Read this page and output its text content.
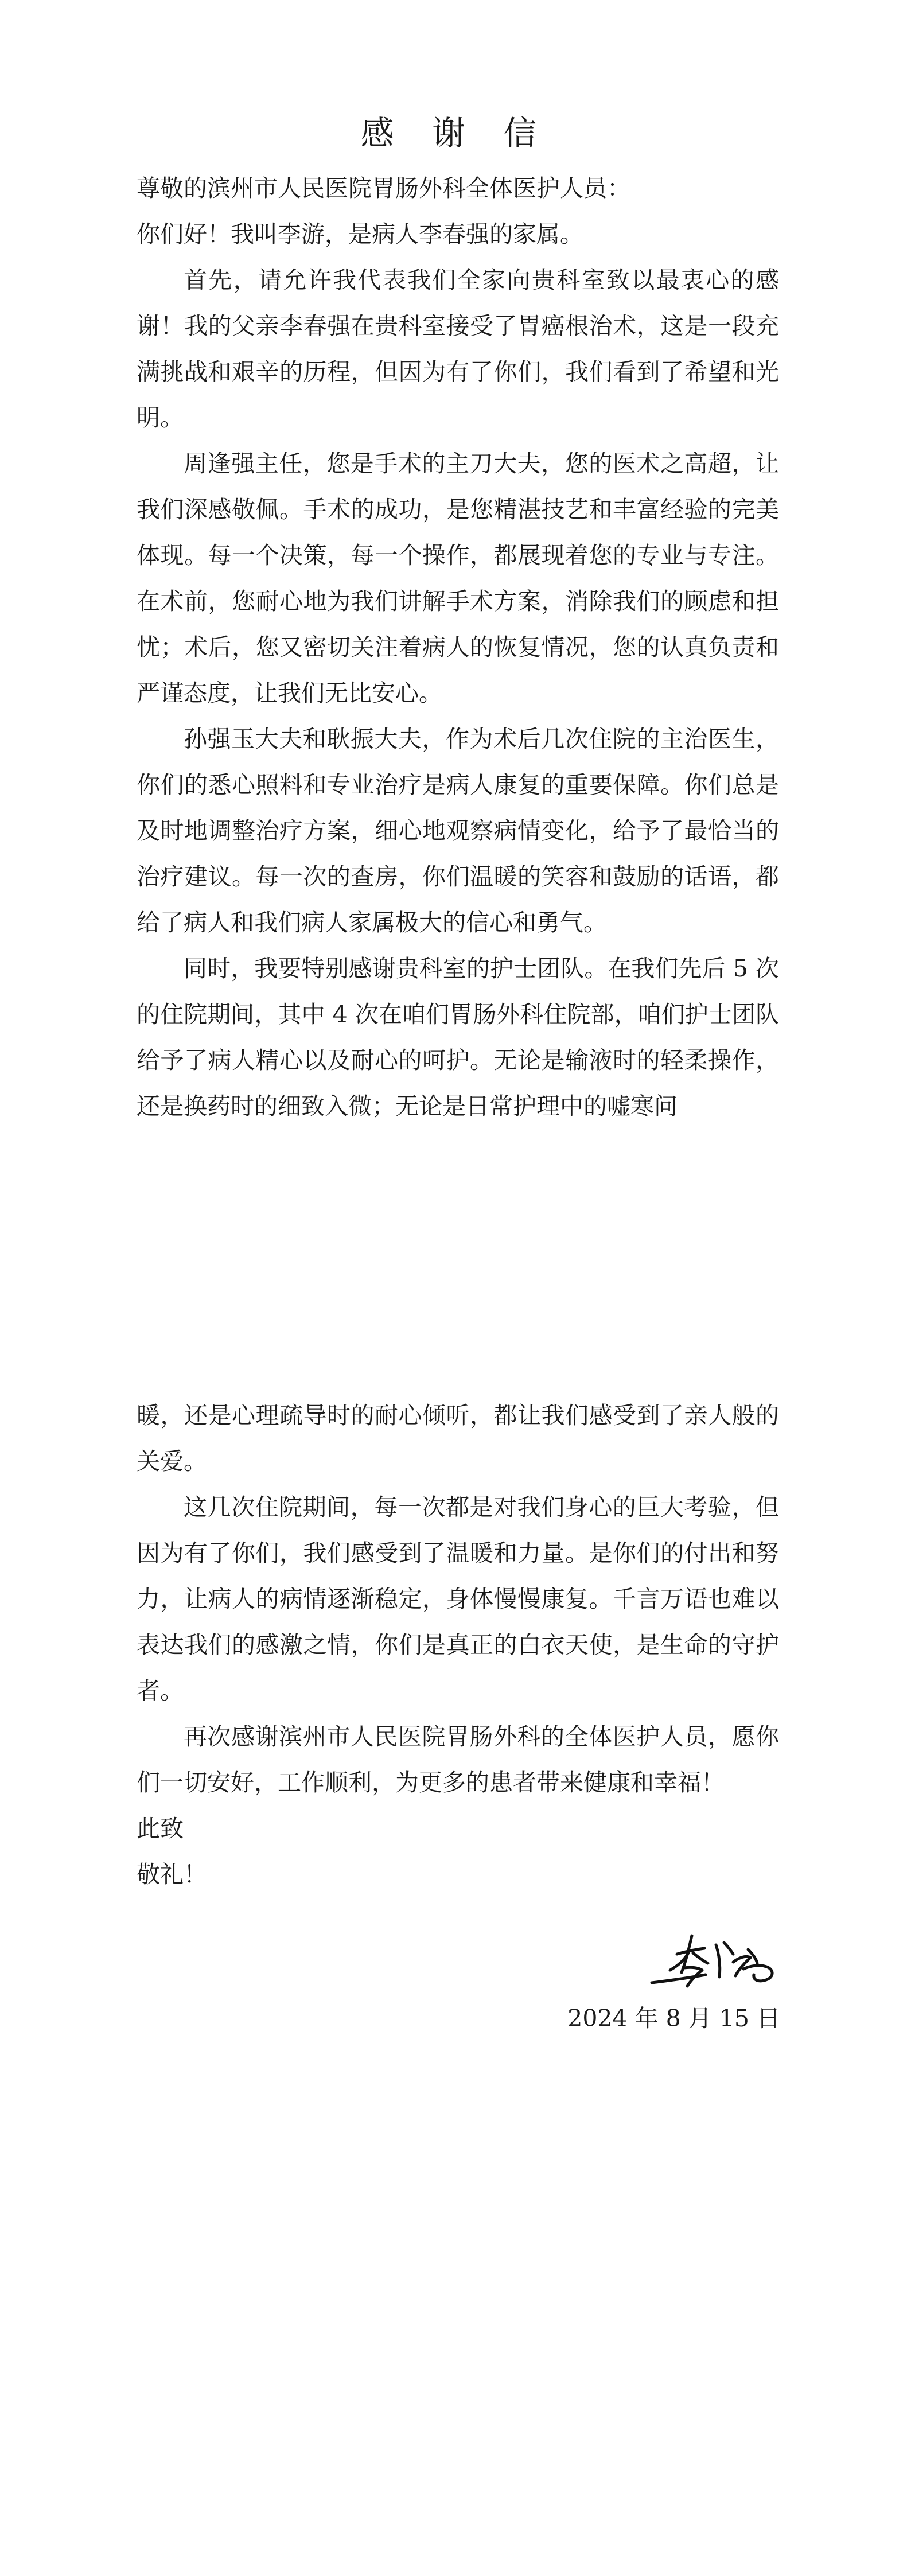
感 谢 信

尊敬的滨州市人民医院胃肠外科全体医护人员：

你们好！我叫李游，是病人李春强的家属。

首先，请允许我代表我们全家向贵科室致以最衷心的感谢！我的父亲李春强在贵科室接受了胃癌根治术，这是一段充满挑战和艰辛的历程，但因为有了你们，我们看到了希望和光明。

周逢强主任，您是手术的主刀大夫，您的医术之高超，让我们深感敬佩。手术的成功，是您精湛技艺和丰富经验的完美体现。每一个决策，每一个操作，都展现着您的专业与专注。在术前，您耐心地为我们讲解手术方案，消除我们的顾虑和担忧；术后，您又密切关注着病人的恢复情况，您的认真负责和严谨态度，让我们无比安心。

孙强玉大夫和耿振大夫，作为术后几次住院的主治医生，你们的悉心照料和专业治疗是病人康复的重要保障。你们总是及时地调整治疗方案，细心地观察病情变化，给予了最恰当的治疗建议。每一次的查房，你们温暖的笑容和鼓励的话语，都给了病人和我们病人家属极大的信心和勇气。

同时，我要特别感谢贵科室的护士团队。在我们先后 5 次的住院期间，其中 4 次在咱们胃肠外科住院部，咱们护士团队给予了病人精心以及耐心的呵护。无论是输液时的轻柔操作，还是换药时的细致入微；无论是日常护理中的嘘寒问

暖，还是心理疏导时的耐心倾听，都让我们感受到了亲人般的关爱。

这几次住院期间，每一次都是对我们身心的巨大考验，但因为有了你们，我们感受到了温暖和力量。是你们的付出和努力，让病人的病情逐渐稳定，身体慢慢康复。千言万语也难以表达我们的感激之情，你们是真正的白衣天使，是生命的守护者。

再次感谢滨州市人民医院胃肠外科的全体医护人员，愿你们一切安好，工作顺利，为更多的患者带来健康和幸福！

此致

敬礼！

2024 年 8 月 15 日
